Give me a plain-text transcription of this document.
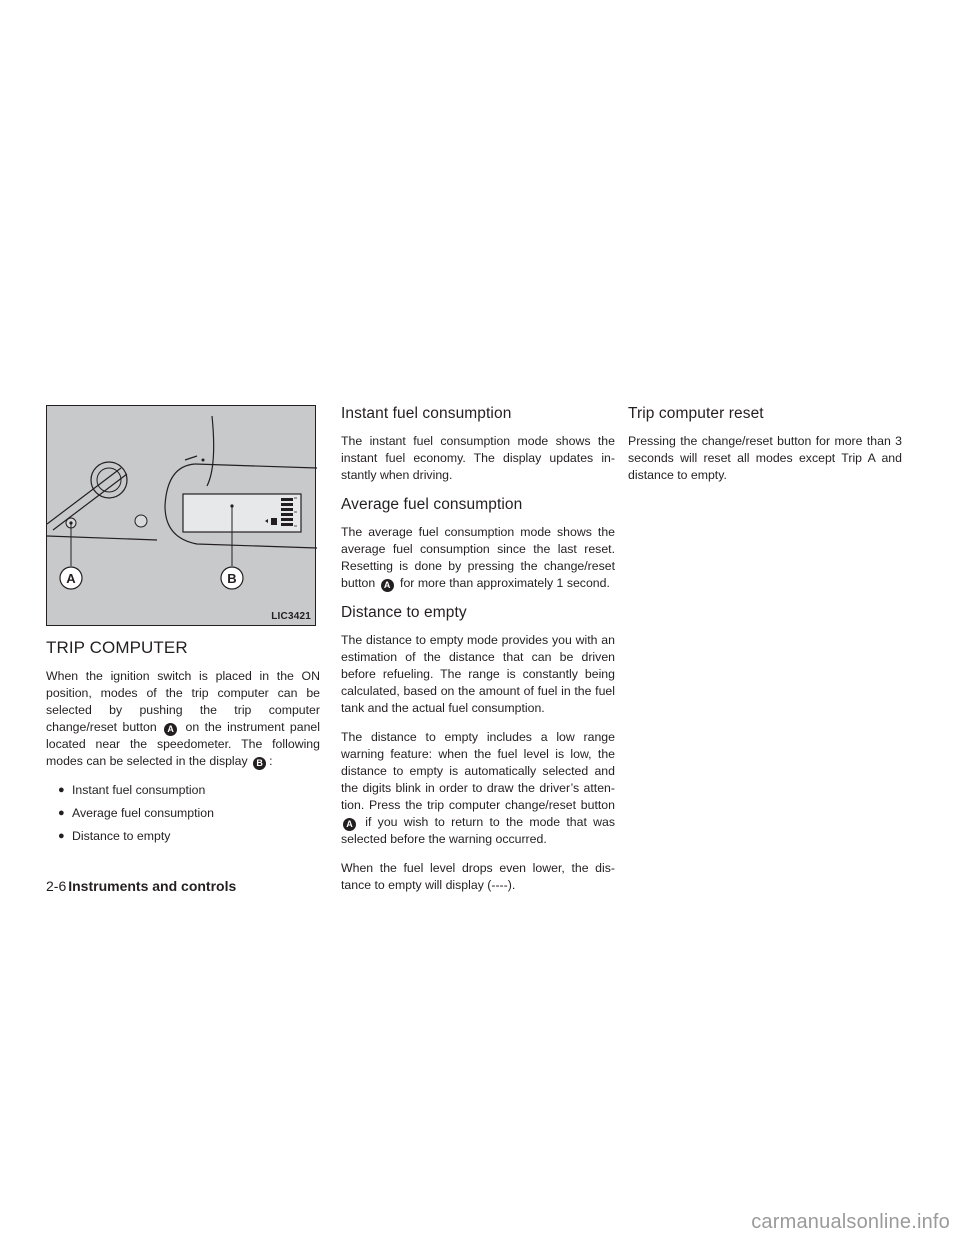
A	B
LIC3421
TRIP COMPUTER

When the ignition switch is placed in the ON position, modes of the trip computer can be selected by pushing the trip computer change/reset button A on the instrument panel located near the speedometer. The following modes can be selected in the display B :

● Instant fuel consumption
● Average fuel consumption
● Distance to empty
Instant fuel consumption

The instant fuel consumption mode shows the instant fuel economy. The display updates in-stantly when driving.

Average fuel consumption

The average fuel consumption mode shows the average fuel consumption since the last reset. Resetting is done by pressing the change/reset button A for more than approximately 1 second.

Distance to empty

The distance to empty mode provides you with an estimation of the distance that can be driven before refueling. The range is constantly being calculated, based on the amount of fuel in the fuel tank and the actual fuel consumption.

The distance to empty includes a low range warning feature: when the fuel level is low, the distance to empty is automatically selected and the digits blink in order to draw the driver’s atten-tion. Press the trip computer change/reset button A if you wish to return to the mode that was selected before the warning occurred.

When the fuel level drops even lower, the dis-tance to empty will display (----).

Trip computer reset

Pressing the change/reset button for more than 3 seconds will reset all modes except Trip A and distance to empty.

2-6 Instruments and controls
carmanualsonline.info
